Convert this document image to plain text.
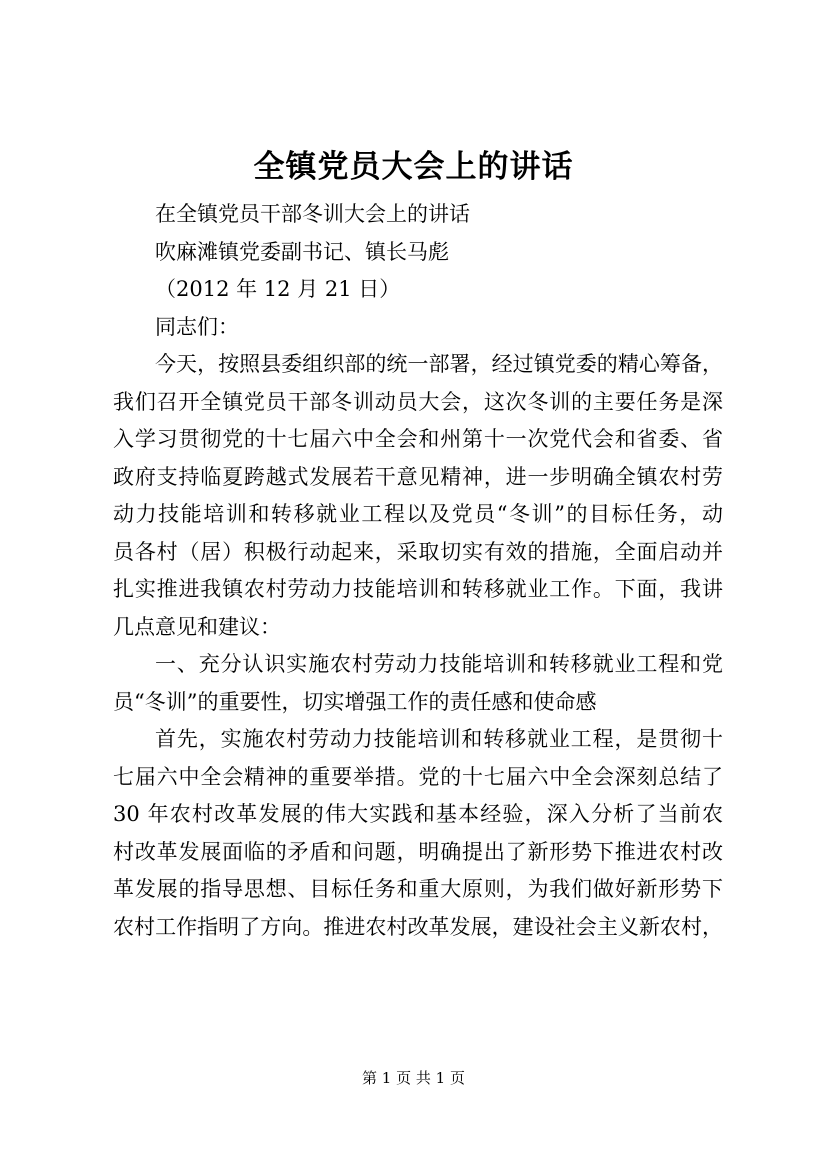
全镇党员大会上的讲话
在全镇党员干部冬训大会上的讲话
吹麻滩镇党委副书记、镇长马彪
（2012 年 12 月 21 日）
同志们：
今天，按照县委组织部的统一部署，经过镇党委的精心筹备，
我们召开全镇党员干部冬训动员大会，这次冬训的主要任务是深
入学习贯彻党的十七届六中全会和州第十一次党代会和省委、省
政府支持临夏跨越式发展若干意见精神，进一步明确全镇农村劳
动力技能培训和转移就业工程以及党员“冬训”的目标任务，动
员各村（居）积极行动起来，采取切实有效的措施，全面启动并
扎实推进我镇农村劳动力技能培训和转移就业工作。下面，我讲
几点意见和建议：
一、充分认识实施农村劳动力技能培训和转移就业工程和党
员“冬训”的重要性，切实增强工作的责任感和使命感
首先，实施农村劳动力技能培训和转移就业工程，是贯彻十
七届六中全会精神的重要举措。党的十七届六中全会深刻总结了
30 年农村改革发展的伟大实践和基本经验，深入分析了当前农
村改革发展面临的矛盾和问题，明确提出了新形势下推进农村改
革发展的指导思想、目标任务和重大原则，为我们做好新形势下
农村工作指明了方向。推进农村改革发展，建设社会主义新农村，
第 1 页 共 1 页
